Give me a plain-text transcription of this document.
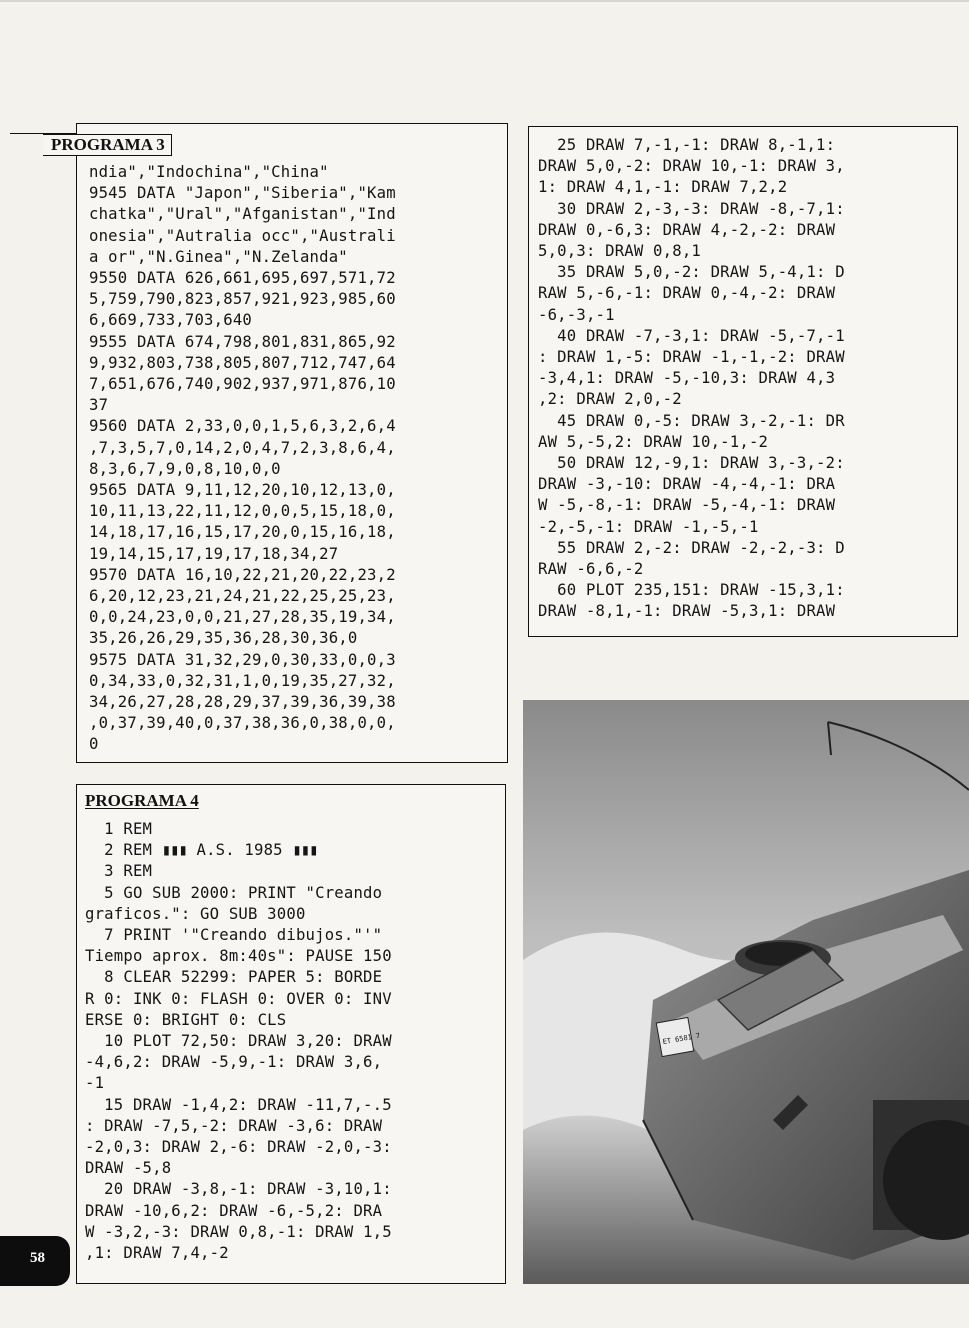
PROGRAMA 3
ndia","Indochina","China"
9545 DATA "Japon","Siberia","Kam
chatka","Ural","Afganistan","Ind
onesia","Autralia occ","Australi
a or","N.Ginea","N.Zelanda"
9550 DATA 626,661,695,697,571,72
5,759,790,823,857,921,923,985,60
6,669,733,703,640
9555 DATA 674,798,801,831,865,92
9,932,803,738,805,807,712,747,64
7,651,676,740,902,937,971,876,10
37
9560 DATA 2,33,0,0,1,5,6,3,2,6,4
,7,3,5,7,0,14,2,0,4,7,2,3,8,6,4,
8,3,6,7,9,0,8,10,0,0
9565 DATA 9,11,12,20,10,12,13,0,
10,11,13,22,11,12,0,0,5,15,18,0,
14,18,17,16,15,17,20,0,15,16,18,
19,14,15,17,19,17,18,34,27
9570 DATA 16,10,22,21,20,22,23,2
6,20,12,23,21,24,21,22,25,25,23,
0,0,24,23,0,0,21,27,28,35,19,34,
35,26,26,29,35,36,28,30,36,0
9575 DATA 31,32,29,0,30,33,0,0,3
0,34,33,0,32,31,1,0,19,35,27,32,
34,26,27,28,28,29,37,39,36,39,38
,0,37,39,40,0,37,38,36,0,38,0,0,
0
PROGRAMA 4
1 REM
2 REM ▮▮▮ A.S. 1985 ▮▮▮
3 REM
5 GO SUB 2000: PRINT "Creando
graficos.": GO SUB 3000
7 PRINT '"Creando dibujos."'"
Tiempo aprox. 8m:40s": PAUSE 150
8 CLEAR 52299: PAPER 5: BORDE
R 0: INK 0: FLASH 0: OVER 0: INV
ERSE 0: BRIGHT 0: CLS
10 PLOT 72,50: DRAW 3,20: DRAW
-4,6,2: DRAW -5,9,-1: DRAW 3,6,
-1
15 DRAW -1,4,2: DRAW -11,7,-.5
: DRAW -7,5,-2: DRAW -3,6: DRAW
-2,0,3: DRAW 2,-6: DRAW -2,0,-3:
DRAW -5,8
20 DRAW -3,8,-1: DRAW -3,10,1:
DRAW -10,6,2: DRAW -6,-5,2: DRA
W -3,2,-3: DRAW 0,8,-1: DRAW 1,5
,1: DRAW 7,4,-2
25 DRAW 7,-1,-1: DRAW 8,-1,1:
DRAW 5,0,-2: DRAW 10,-1: DRAW 3,
1: DRAW 4,1,-1: DRAW 7,2,2
30 DRAW 2,-3,-3: DRAW -8,-7,1:
DRAW 0,-6,3: DRAW 4,-2,-2: DRAW
5,0,3: DRAW 0,8,1
35 DRAW 5,0,-2: DRAW 5,-4,1: D
RAW 5,-6,-1: DRAW 0,-4,-2: DRAW
-6,-3,-1
40 DRAW -7,-3,1: DRAW -5,-7,-1
: DRAW 1,-5: DRAW -1,-1,-2: DRAW
-3,4,1: DRAW -5,-10,3: DRAW 4,3
,2: DRAW 2,0,-2
45 DRAW 0,-5: DRAW 3,-2,-1: DR
AW 5,-5,2: DRAW 10,-1,-2
50 DRAW 12,-9,1: DRAW 3,-3,-2:
DRAW -3,-10: DRAW -4,-4,-1: DRA
W -5,-8,-1: DRAW -5,-4,-1: DRAW
-2,-5,-1: DRAW -1,-5,-1
55 DRAW 2,-2: DRAW -2,-2,-3: D
RAW -6,6,-2
60 PLOT 235,151: DRAW -15,3,1:
DRAW -8,1,-1: DRAW -5,3,1: DRAW
ET 6581 7
58
